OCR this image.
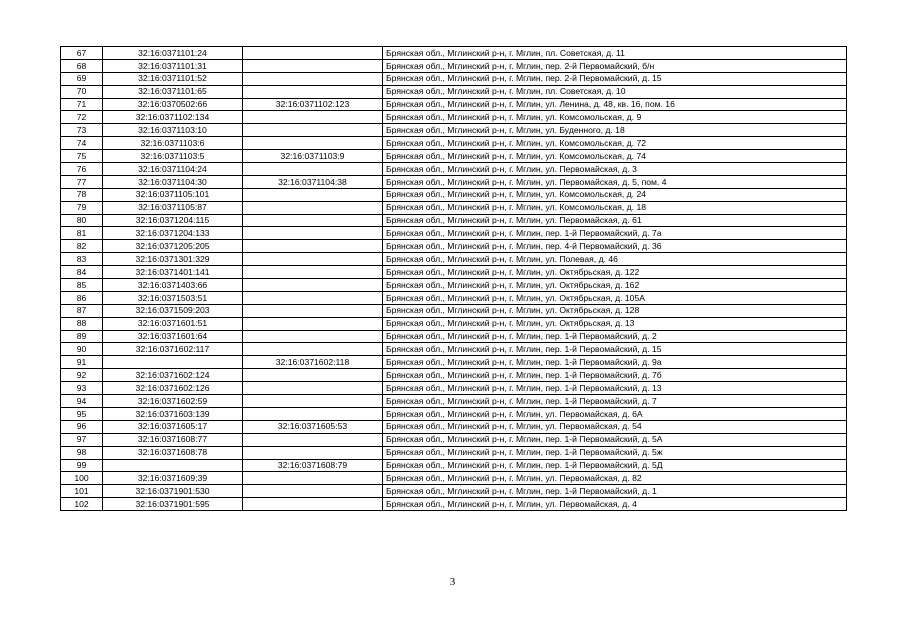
67	32:16:0371101:24		Брянская обл., Мглинский р-н, г. Мглин, пл. Советская, д. 11
68	32:16:0371101:31		Брянская обл., Мглинский р-н, г. Мглин, пер. 2-й Первомайский, б/н
69	32:16:0371101:52		Брянская обл., Мглинский р-н, г. Мглин, пер. 2-й Первомайский, д. 15
70	32:16:0371101:65		Брянская обл., Мглинский р-н, г. Мглин, пл. Советская, д. 10
71	32:16:0370502:66	32:16:0371102:123	Брянская обл., Мглинский р-н, г. Мглин, ул. Ленина, д. 48, кв. 16, пом. 16
72	32:16:0371102:134		Брянская обл., Мглинский р-н, г. Мглин, ул. Комсомольская, д. 9
73	32:16:0371103:10		Брянская обл., Мглинский р-н, г. Мглин, ул. Буденного, д. 18
74	32:16:0371103:6		Брянская обл., Мглинский р-н, г. Мглин, ул. Комсомольская, д. 72
75	32:16:0371103:5	32:16:0371103:9	Брянская обл., Мглинский р-н, г. Мглин, ул. Комсомольская, д. 74
76	32:16:0371104:24		Брянская обл., Мглинский р-н, г. Мглин, ул. Первомайская, д. 3
77	32:16:0371104:30	32:16:0371104:38	Брянская обл., Мглинский р-н, г. Мглин, ул. Первомайская, д. 5, пом. 4
78	32:16:0371105:101		Брянская обл., Мглинский р-н, г. Мглин, ул. Комсомольская, д. 24
79	32:16:0371105:87		Брянская обл., Мглинский р-н, г. Мглин, ул. Комсомольская, д. 18
80	32:16:0371204:115		Брянская обл., Мглинский р-н, г. Мглин, ул. Первомайская, д. 61
81	32:16:0371204:133		Брянская обл., Мглинский р-н, г. Мглин, пер. 1-й Первомайский, д. 7а
82	32:16:0371205:205		Брянская обл., Мглинский р-н, г. Мглин, пер. 4-й Первомайский, д. 36
83	32:16:0371301:329		Брянская обл., Мглинский р-н, г. Мглин, ул. Полевая, д. 46
84	32:16:0371401:141		Брянская обл., Мглинский р-н, г. Мглин, ул. Октябрьская, д. 122
85	32:16:0371403:66		Брянская обл., Мглинский р-н, г. Мглин, ул. Октябрьская, д. 162
86	32:16:0371503:51		Брянская обл., Мглинский р-н, г. Мглин, ул. Октябрьская, д. 105А
87	32:16:0371509:203		Брянская обл., Мглинский р-н, г. Мглин, ул. Октябрьская, д. 128
88	32:16:0371601:51		Брянская обл., Мглинский р-н, г. Мглин, ул. Октябрьская, д. 13
89	32:16:0371601:64		Брянская обл., Мглинский р-н, г. Мглин, пер. 1-й Первомайский, д. 2
90	32:16:0371602:117		Брянская обл., Мглинский р-н, г. Мглин, пер. 1-й Первомайский, д. 15
91		32:16:0371602:118	Брянская обл., Мглинский р-н, г. Мглин, пер. 1-й Первомайский, д. 9а
92	32:16:0371602:124		Брянская обл., Мглинский р-н, г. Мглин, пер. 1-й Первомайский, д. 7б
93	32:16:0371602:126		Брянская обл., Мглинский р-н, г. Мглин, пер. 1-й Первомайский, д. 13
94	32:16:0371602:59		Брянская обл., Мглинский р-н, г. Мглин, пер. 1-й Первомайский, д. 7
95	32:16:0371603:139		Брянская обл., Мглинский р-н, г. Мглин, ул. Первомайская, д. 6А
96	32:16:0371605:17	32:16:0371605:53	Брянская обл., Мглинский р-н, г. Мглин, ул. Первомайская, д. 54
97	32:16:0371608:77		Брянская обл., Мглинский р-н, г. Мглин, пер. 1-й Первомайский, д. 5А
98	32:16:0371608:78		Брянская обл., Мглинский р-н, г. Мглин, пер. 1-й Первомайский, д. 5ж
99		32:16:0371608:79	Брянская обл., Мглинский р-н, г. Мглин, пер. 1-й Первомайский, д. 5Д
100	32:16:0371609:39		Брянская обл., Мглинский р-н, г. Мглин, ул. Первомайская, д. 82
101	32:16:0371901:530		Брянская обл., Мглинский р-н, г. Мглин, пер. 1-й Первомайский, д. 1
102	32:16:0371901:595		Брянская обл., Мглинский р-н, г. Мглин, ул. Первомайская, д. 4
3
